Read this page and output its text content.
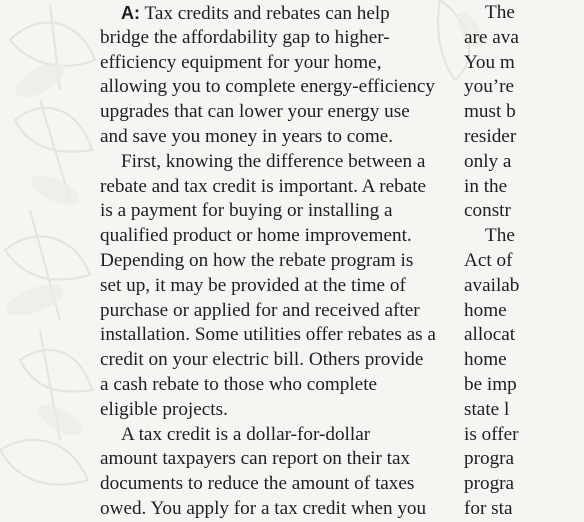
A: Tax credits and rebates can help
bridge the affordability gap to higher-
efficiency equipment for your home,
allowing you to complete energy-efficiency
upgrades that can lower your energy use
and save you money in years to come.

First, knowing the difference between a
rebate and tax credit is important. A rebate
is a payment for buying or installing a
qualified product or home improvement.
Depending on how the rebate program is
set up, it may be provided at the time of
purchase or applied for and received after
installation. Some utilities offer rebates as a
credit on your electric bill. Others provide
a cash rebate to those who complete
eligible projects.

A tax credit is a dollar-for-dollar
amount taxpayers can report on their tax
documents to reduce the amount of taxes
owed. You apply for a tax credit when you

The
are ava
You m
you’re
must b
resider
only a
in the
constr

The
Act of
availab
home
allocat
home
be imp
state l
is offer
progra
progra
for sta
